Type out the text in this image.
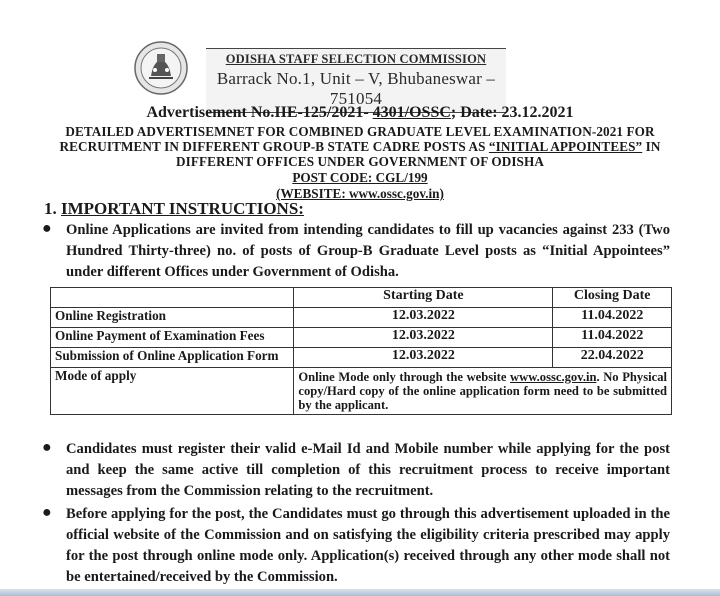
ODISHA STAFF SELECTION COMMISSION
Barrack No.1, Unit – V, Bhubaneswar – 751054
Advertisement No.IIE-125/2021- 4301/OSSC; Date: 23.12.2021
DETAILED ADVERTISEMNET FOR COMBINED GRADUATE LEVEL EXAMINATION-2021 FOR
RECRUITMENT IN DIFFERENT GROUP-B STATE CADRE POSTS AS “INITIAL APPOINTEES” IN
DIFFERENT OFFICES UNDER GOVERNMENT OF ODISHA
POST CODE: CGL/199
(WEBSITE: www.ossc.gov.in)
1. IMPORTANT INSTRUCTIONS:
● Online Applications are invited from intending candidates to fill up vacancies against 233 (Two Hundred Thirty-three) no. of posts of Group-B Graduate Level posts as “Initial Appointees” under different Offices under Government of Odisha.
	Starting Date	Closing Date
Online Registration	12.03.2022	11.04.2022
Online Payment of Examination Fees	12.03.2022	11.04.2022
Submission of Online Application Form	12.03.2022	22.04.2022
Mode of apply	Online Mode only through the website www.ossc.gov.in. No Physical copy/Hard copy of the online application form need to be submitted by the applicant.	
● Candidates must register their valid e-Mail Id and Mobile number while applying for the post and keep the same active till completion of this recruitment process to receive important messages from the Commission relating to the recruitment.
● Before applying for the post, the Candidates must go through this advertisement uploaded in the official website of the Commission and on satisfying the eligibility criteria prescribed may apply for the post through online mode only. Application(s) received through any other mode shall not be entertained/received by the Commission.
